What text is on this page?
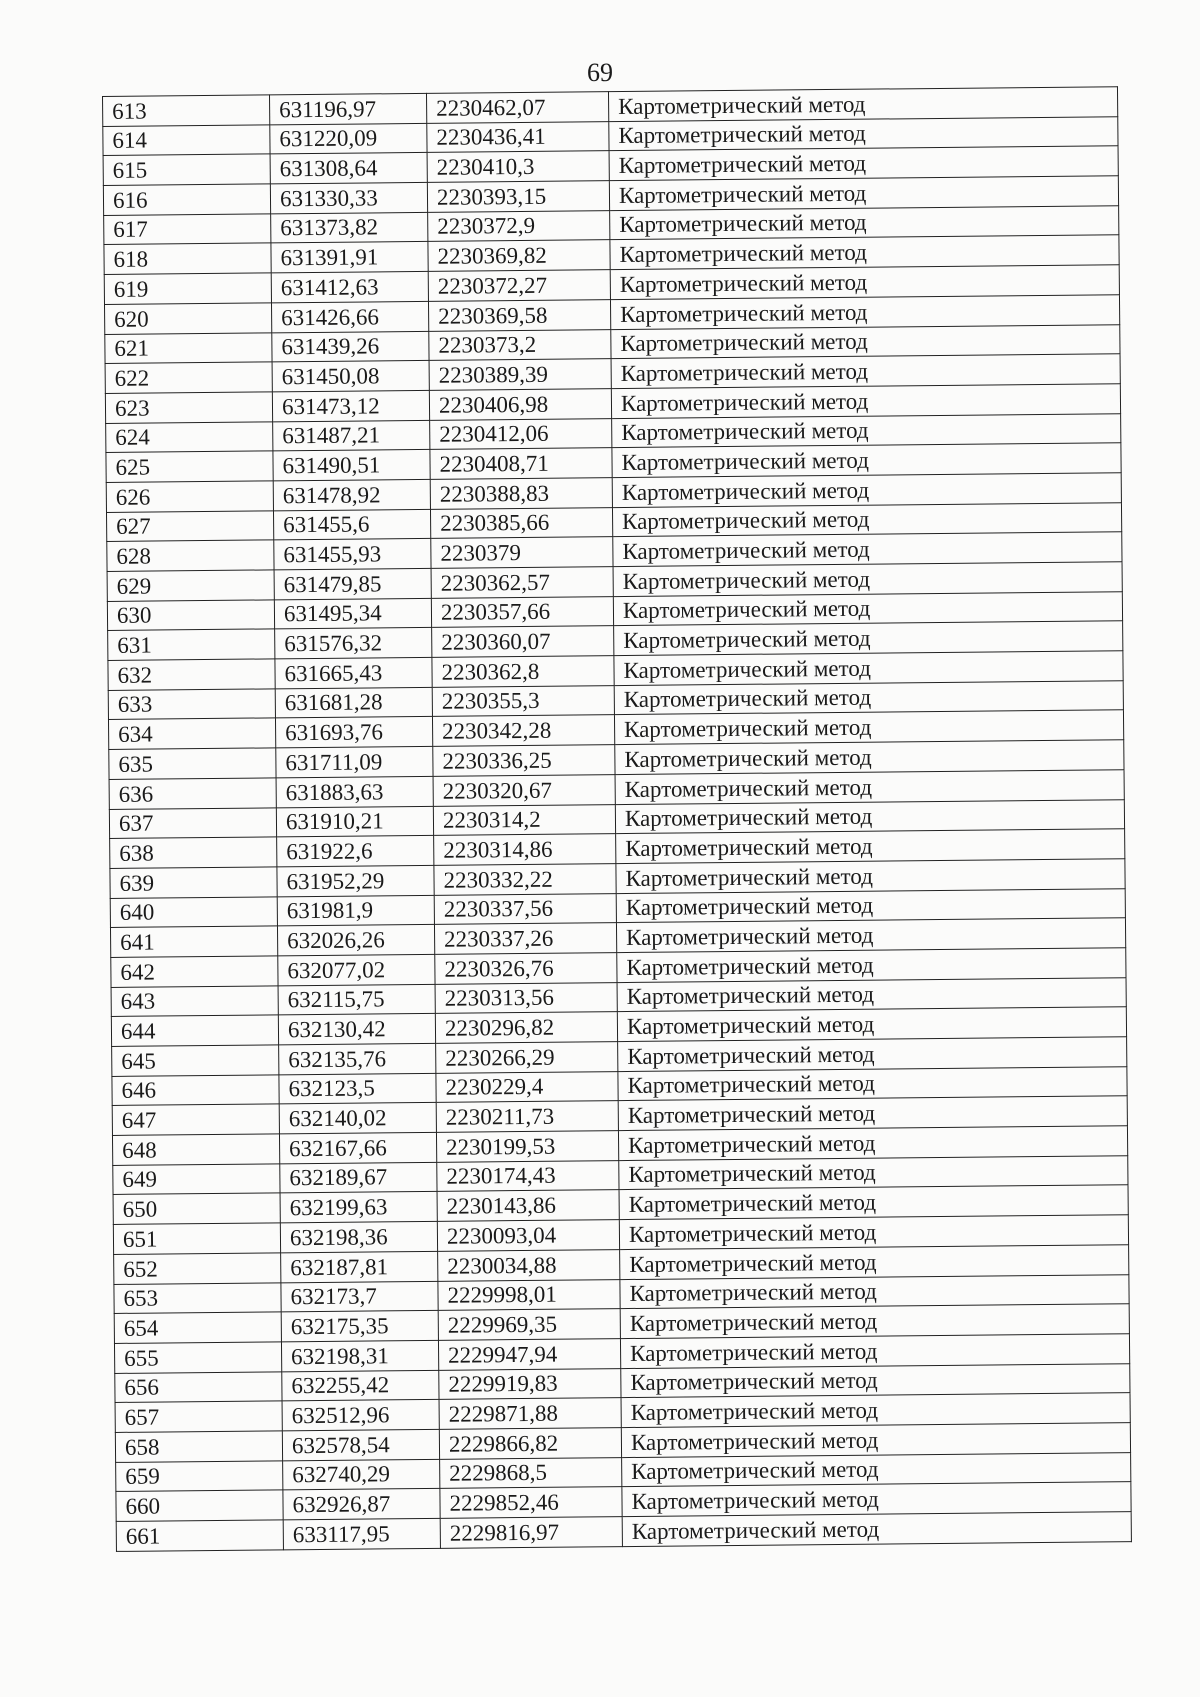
69
613	631196,97	2230462,07	Картометрический метод
614	631220,09	2230436,41	Картометрический метод
615	631308,64	2230410,3	Картометрический метод
616	631330,33	2230393,15	Картометрический метод
617	631373,82	2230372,9	Картометрический метод
618	631391,91	2230369,82	Картометрический метод
619	631412,63	2230372,27	Картометрический метод
620	631426,66	2230369,58	Картометрический метод
621	631439,26	2230373,2	Картометрический метод
622	631450,08	2230389,39	Картометрический метод
623	631473,12	2230406,98	Картометрический метод
624	631487,21	2230412,06	Картометрический метод
625	631490,51	2230408,71	Картометрический метод
626	631478,92	2230388,83	Картометрический метод
627	631455,6	2230385,66	Картометрический метод
628	631455,93	2230379	Картометрический метод
629	631479,85	2230362,57	Картометрический метод
630	631495,34	2230357,66	Картометрический метод
631	631576,32	2230360,07	Картометрический метод
632	631665,43	2230362,8	Картометрический метод
633	631681,28	2230355,3	Картометрический метод
634	631693,76	2230342,28	Картометрический метод
635	631711,09	2230336,25	Картометрический метод
636	631883,63	2230320,67	Картометрический метод
637	631910,21	2230314,2	Картометрический метод
638	631922,6	2230314,86	Картометрический метод
639	631952,29	2230332,22	Картометрический метод
640	631981,9	2230337,56	Картометрический метод
641	632026,26	2230337,26	Картометрический метод
642	632077,02	2230326,76	Картометрический метод
643	632115,75	2230313,56	Картометрический метод
644	632130,42	2230296,82	Картометрический метод
645	632135,76	2230266,29	Картометрический метод
646	632123,5	2230229,4	Картометрический метод
647	632140,02	2230211,73	Картометрический метод
648	632167,66	2230199,53	Картометрический метод
649	632189,67	2230174,43	Картометрический метод
650	632199,63	2230143,86	Картометрический метод
651	632198,36	2230093,04	Картометрический метод
652	632187,81	2230034,88	Картометрический метод
653	632173,7	2229998,01	Картометрический метод
654	632175,35	2229969,35	Картометрический метод
655	632198,31	2229947,94	Картометрический метод
656	632255,42	2229919,83	Картометрический метод
657	632512,96	2229871,88	Картометрический метод
658	632578,54	2229866,82	Картометрический метод
659	632740,29	2229868,5	Картометрический метод
660	632926,87	2229852,46	Картометрический метод
661	633117,95	2229816,97	Картометрический метод
